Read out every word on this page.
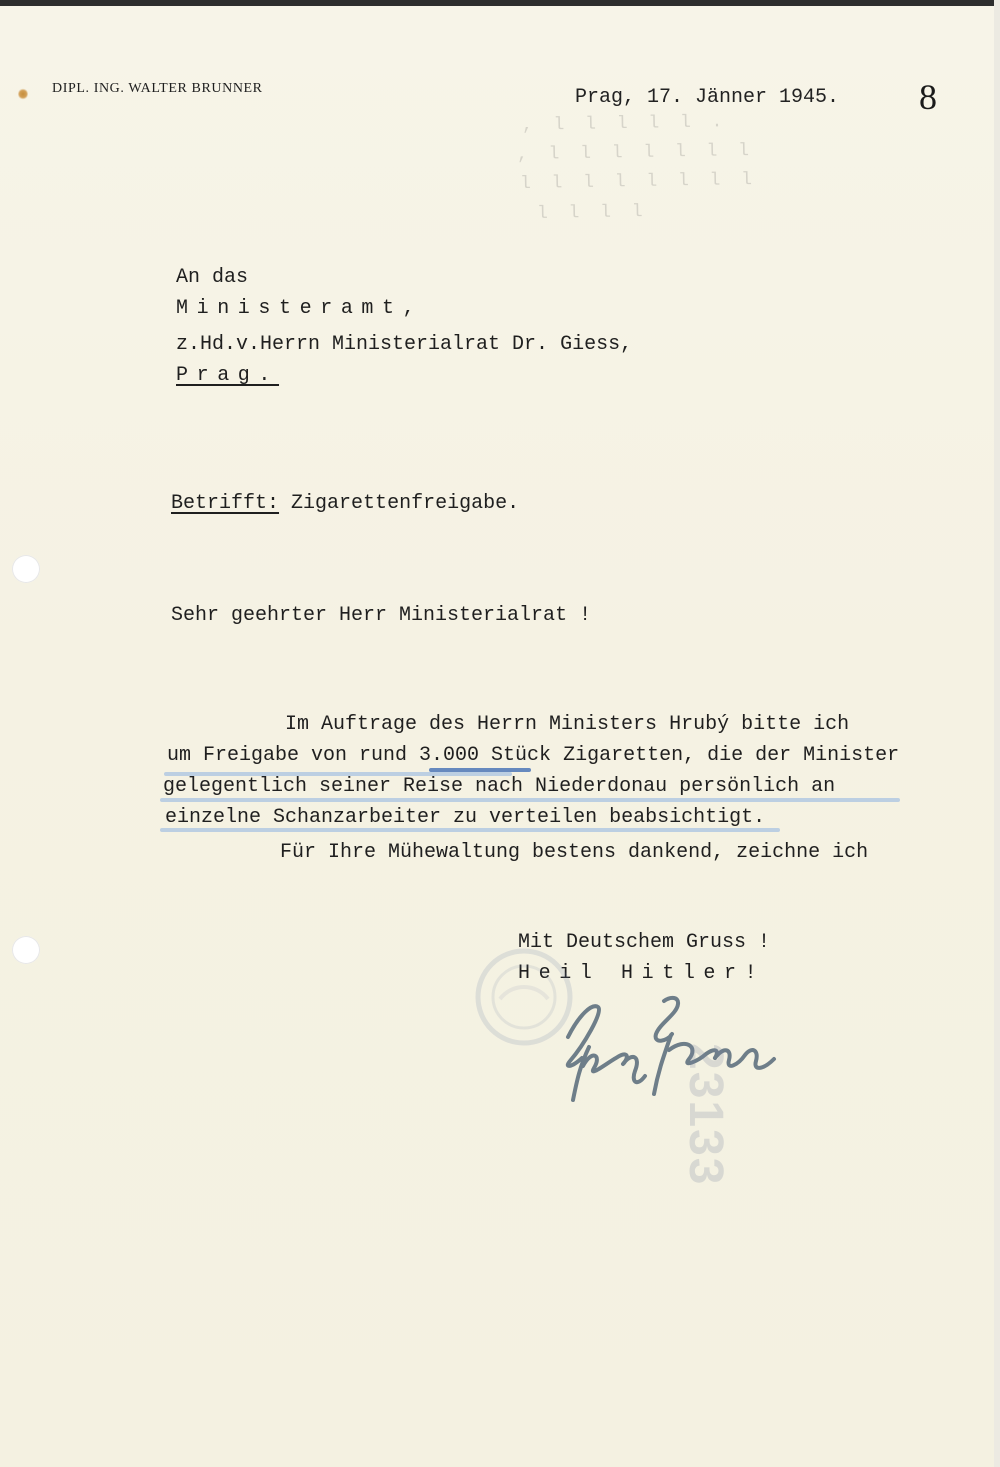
, l l l l l .
, l l l l l l l
l l l l l l l l
l l l l
DIPL. ING. WALTER BRUNNER	Prag, 17. Jänner 1945. 8
An das
Ministeramt,
z.Hd.v.Herrn Ministerialrat Dr. Giess,
Prag.
Betrifft: Zigarettenfreigabe.
Sehr geehrter Herr Ministerialrat !
Im Auftrage des Herrn Ministers Hrubý bitte ich
um Freigabe von rund 3.000 Stück Zigaretten, die der Minister
gelegentlich seiner Reise nach Niederdonau persönlich an
einzelne Schanzarbeiter zu verteilen beabsichtigt.
Für Ihre Mühewaltung bestens dankend, zeichne ich
Mit Deutschem Gruss !
Heil Hitler!
23133
